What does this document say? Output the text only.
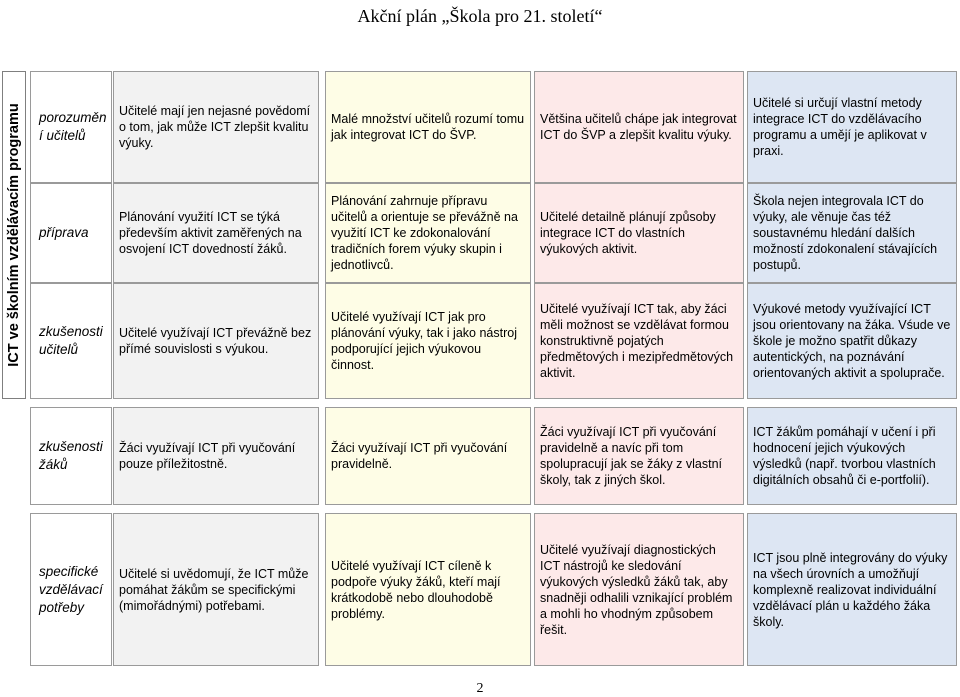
Akční plán „Škola pro 21. století“
ICT ve školním vzdělávacím programu	porozuměn í učitelů
Učitelé mají jen nejasné povědomí o tom, jak může ICT zlepšit kvalitu výuky.
Malé množství učitelů rozumí tomu jak integrovat ICT do ŠVP.
Většina učitelů chápe jak integrovat ICT do ŠVP a zlepšit kvalitu výuky.
Učitelé si určují vlastní metody integrace ICT do vzdělávacího programu a umějí je aplikovat v praxi.
příprava
Plánování využití ICT se týká především aktivit zaměřených na osvojení ICT dovedností žáků.
Plánování zahrnuje přípravu učitelů a orientuje se převážně na využití ICT ke zdokonalování tradičních forem výuky skupin i jednotlivců.
Učitelé detailně plánují způsoby integrace ICT do vlastních výukových aktivit.
Škola nejen integrovala ICT do výuky, ale věnuje čas též soustavnému hledání dalších možností zdokonalení stávajících postupů.
zkušenosti učitelů
Učitelé využívají ICT převážně bez přímé souvislosti s výukou.
Učitelé využívají ICT jak pro plánování výuky, tak i jako nástroj podporující jejich výukovou činnost.
Učitelé využívají ICT tak, aby žáci měli možnost se vzdělávat formou konstruktivně pojatých předmětových i mezipředmětových aktivit.
Výukové metody využívající ICT jsou orientovany na žáka. Vśude ve škole je možno spatřit důkazy autentických, na poznávání orientovaných aktivit a spoluprače.
zkušenosti žáků
Žáci využívají ICT při vyučování pouze příležitostně.
Žáci využívají ICT při vyučování pravidelně.
Žáci využívají ICT při vyučování pravidelně a navíc při tom spolupracují jak se žáky z vlastní školy, tak z jiných škol.
ICT žákům pomáhají v učení i při hodnocení jejich výukových výsledků (např. tvorbou vlastních digitálních obsahů či e-portfolií).
specifické vzdělávací potřeby
Učitelé si uvědomují, že ICT může pomáhat žákům se specifickými (mimořádnými) potřebami.
Učitelé využívají ICT cíleně k podpoře výuky žáků, kteří mají krátkodobě nebo dlouhodobě problémy.
Učitelé využívají diagnostických ICT nástrojů ke sledování výukových výsledků žáků tak, aby snadněji odhalili vznikající problém a mohli ho vhodným způsobem řešit.
ICT jsou plně integrovány do výuky na všech úrovních a umožňují komplexně realizovat individuální vzdělávací plán u každého žáka školy.
2
